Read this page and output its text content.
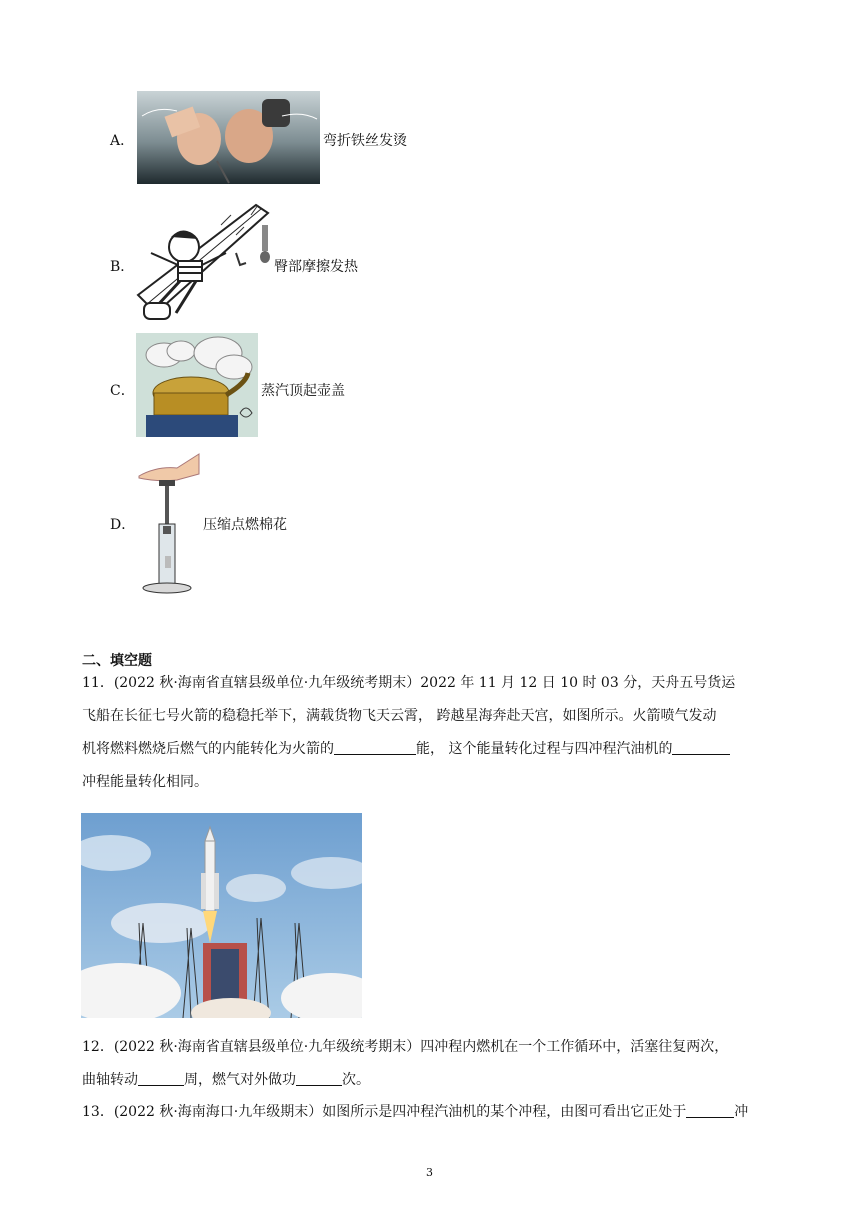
A．	弯折铁丝发烫
B．	臀部摩擦发热
C．	蒸汽顶起壶盖
D．	压缩点燃棉花
二、填空题
11．(2022 秋·海南省直辖县级单位·九年级统考期末）2022 年 11 月 12 日 10 时 03 分，天舟五号货运
飞船在长征七号火箭的稳稳托举下，满载货物飞天云霄， 跨越星海奔赴天宫，如图所示。火箭喷气发动
机将燃料燃烧后燃气的内能转化为火箭的	能， 这个能量转化过程与四冲程汽油机的
冲程能量转化相同。
12．(2022 秋·海南省直辖县级单位·九年级统考期末）四冲程内燃机在一个工作循环中，活塞往复两次，
曲轴转动	周，燃气对外做功	次。
13．(2022 秋·海南海口·九年级期末）如图所示是四冲程汽油机的某个冲程，由图可看出它正处于	冲
3
